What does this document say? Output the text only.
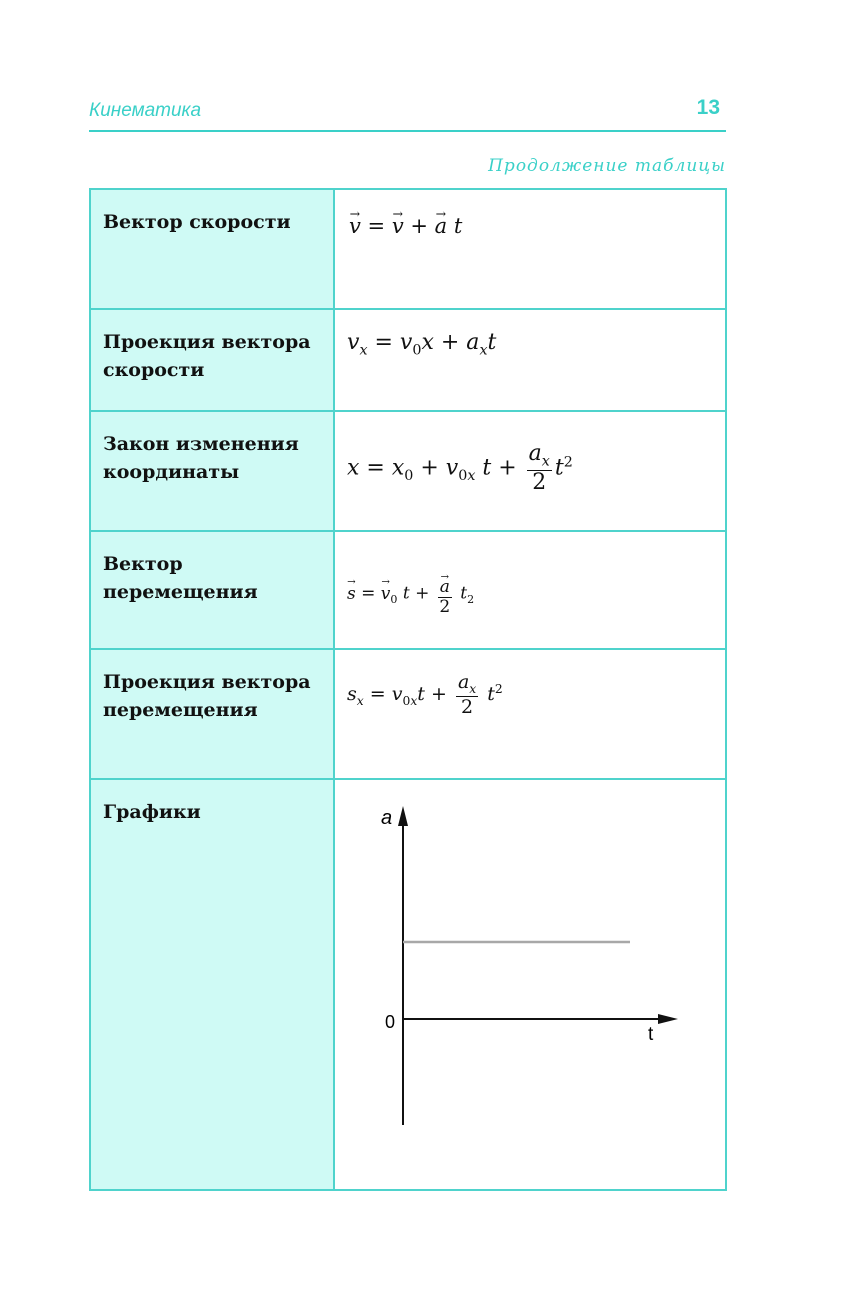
Кинематика	13
Продолжение таблицы
Вектор скорости	→ v = → v + → a t

Проекция вектора скорости	$v_x = v_0x + a_xt$

Закон изменения координаты	$x = x_0 + v_{0x}$ $t + \frac{a_x}{2} t^2$

Вектор перемещения	→ s = → $v_0$ t + → $\frac{a}{2} t_2$

Проекция вектора перемещения	$s_x = v_{0x}t + \frac{a_x}{2} t^2$

Графики	a
0
t
